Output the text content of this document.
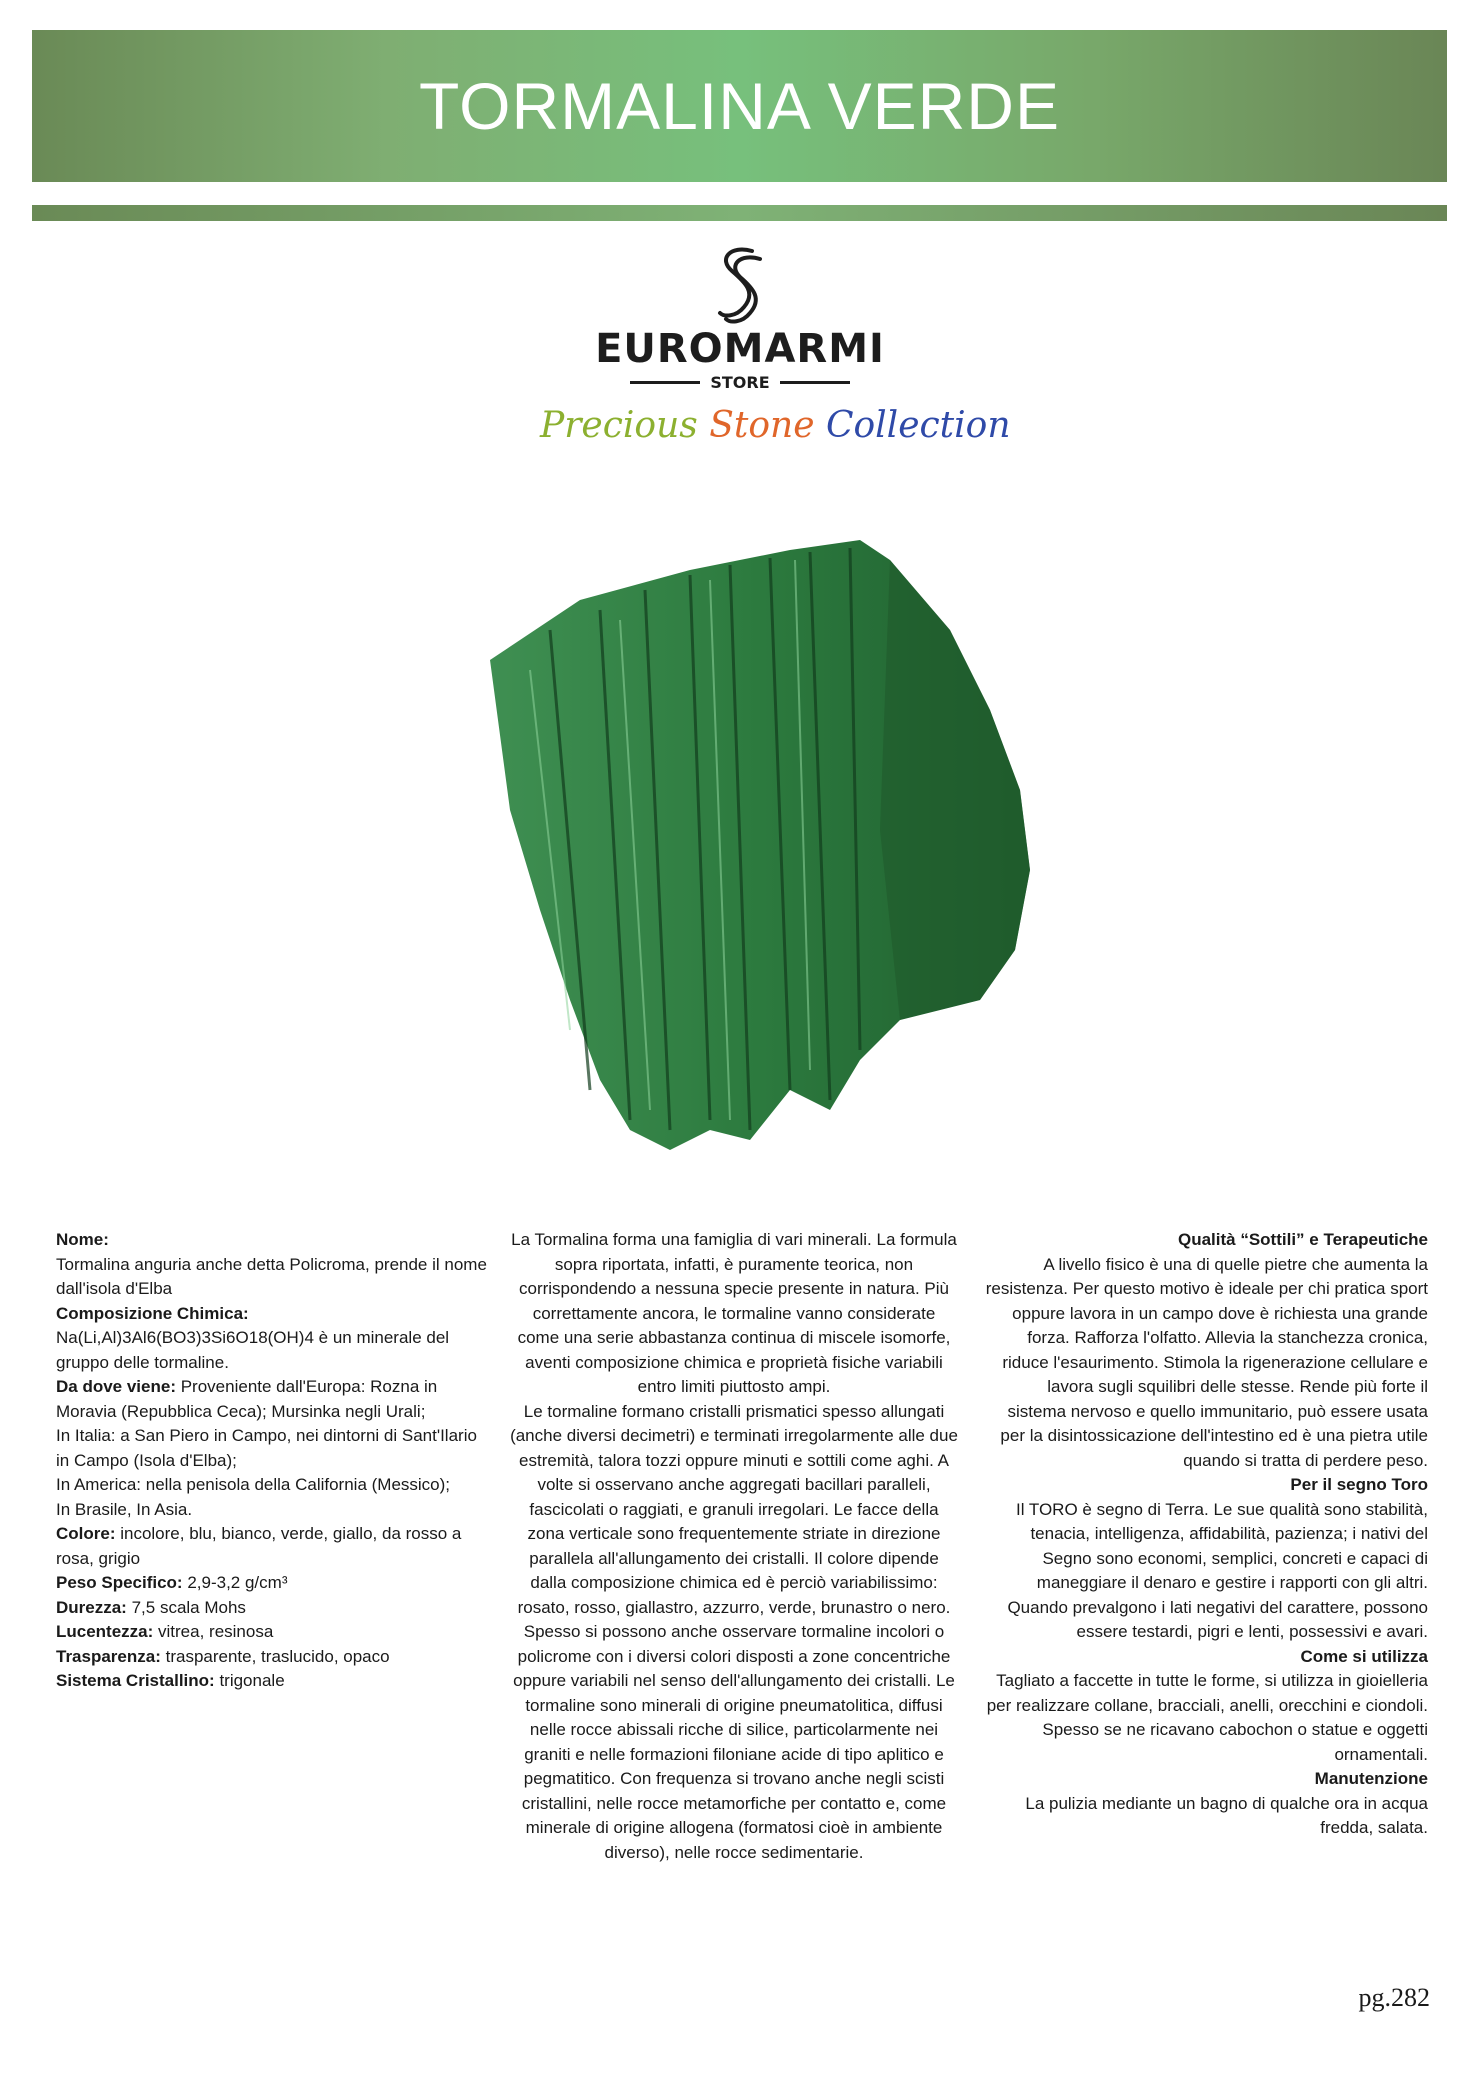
TORMALINA VERDE
EUROMARMI
STORE
Precious Stone Collection

Nome:

Tormalina anguria anche detta Policroma, prende il nome dall'isola d'Elba

Composizione Chimica:

Na(Li,Al)3Al6(BO3)3Si6O18(OH)4 è un minerale del gruppo delle tormaline.

Da dove viene: Proveniente dall'Europa: Rozna in Moravia (Repubblica Ceca); Mursinka negli Urali;

In Italia: a San Piero in Campo, nei dintorni di Sant'Ilario in Campo (Isola d'Elba);

In America: nella penisola della California (Messico);

In Brasile, In Asia.

Colore: incolore, blu, bianco, verde, giallo, da rosso a rosa, grigio

Peso Specifico: 2,9-3,2 g/cm³

Durezza: 7,5 scala Mohs

Lucentezza: vitrea, resinosa

Trasparenza: trasparente, traslucido, opaco

Sistema Cristallino: trigonale

La Tormalina forma una famiglia di vari minerali. La formula sopra riportata, infatti, è puramente teorica, non corrispondendo a nessuna specie presente in natura. Più correttamente ancora, le tormaline vanno considerate come una serie abbastanza continua di miscele isomorfe, aventi composizione chimica e proprietà fisiche variabili entro limiti piuttosto ampi.

Le tormaline formano cristalli prismatici spesso allungati (anche diversi decimetri) e terminati irregolarmente alle due estremità, talora tozzi oppure minuti e sottili come aghi. A volte si osservano anche aggregati bacillari paralleli, fascicolati o raggiati, e granuli irregolari. Le facce della zona verticale sono frequentemente striate in direzione parallela all'allungamento dei cristalli. Il colore dipende dalla composizione chimica ed è perciò variabilissimo: rosato, rosso, giallastro, azzurro, verde, brunastro o nero. Spesso si possono anche osservare tormaline incolori o policrome con i diversi colori disposti a zone concentriche oppure variabili nel senso dell'allungamento dei cristalli. Le tormaline sono minerali di origine pneumatolitica, diffusi nelle rocce abissali ricche di silice, particolarmente nei graniti e nelle formazioni filoniane acide di tipo aplitico e pegmatitico. Con frequenza si trovano anche negli scisti cristallini, nelle rocce metamorfiche per contatto e, come minerale di origine allogena (formatosi cioè in ambiente diverso), nelle rocce sedimentarie.

Qualità “Sottili” e Terapeutiche

A livello fisico è una di quelle pietre che aumenta la resistenza. Per questo motivo è ideale per chi pratica sport oppure lavora in un campo dove è richiesta una grande forza. Rafforza l'olfatto. Allevia la stanchezza cronica, riduce l'esaurimento. Stimola la rigenerazione cellulare e lavora sugli squilibri delle stesse. Rende più forte il sistema nervoso e quello immunitario, può essere usata per la disintossicazione dell'intestino ed è una pietra utile quando si tratta di perdere peso.

Per il segno Toro

Il TORO è segno di Terra. Le sue qualità sono stabilità, tenacia, intelligenza, affidabilità, pazienza; i nativi del Segno sono economi, semplici, concreti e capaci di maneggiare il denaro e gestire i rapporti con gli altri. Quando prevalgono i lati negativi del carattere, possono essere testardi, pigri e lenti, possessivi e avari.

Come si utilizza

Tagliato a faccette in tutte le forme, si utilizza in gioielleria per realizzare collane, bracciali, anelli, orecchini e ciondoli. Spesso se ne ricavano cabochon o statue e oggetti ornamentali.

Manutenzione

La pulizia mediante un bagno di qualche ora in acqua fredda, salata.

pg.282
